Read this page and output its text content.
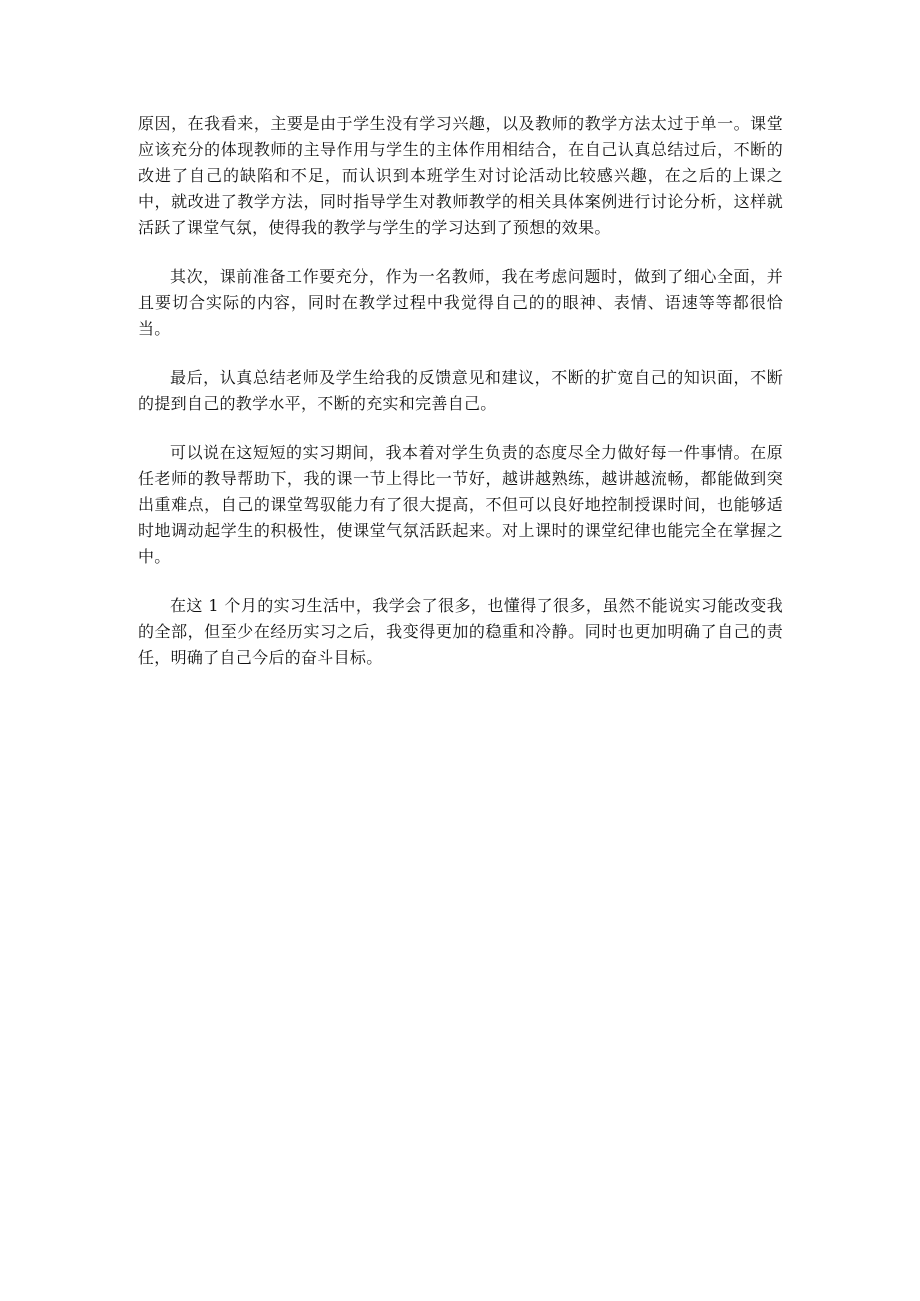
原因，在我看来，主要是由于学生没有学习兴趣，以及教师的教学方法太过于单一。课堂应该充分的体现教师的主导作用与学生的主体作用相结合，在自己认真总结过后，不断的改进了自己的缺陷和不足，而认识到本班学生对讨论活动比较感兴趣，在之后的上课之中，就改进了教学方法，同时指导学生对教师教学的相关具体案例进行讨论分析，这样就活跃了课堂气氛，使得我的教学与学生的学习达到了预想的效果。

其次，课前准备工作要充分，作为一名教师，我在考虑问题时，做到了细心全面，并且要切合实际的内容，同时在教学过程中我觉得自己的的眼神、表情、语速等等都很恰当。

最后，认真总结老师及学生给我的反馈意见和建议，不断的扩宽自己的知识面，不断的提到自己的教学水平，不断的充实和完善自己。

可以说在这短短的实习期间，我本着对学生负责的态度尽全力做好每一件事情。在原任老师的教导帮助下，我的课一节上得比一节好，越讲越熟练，越讲越流畅，都能做到突出重难点，自己的课堂驾驭能力有了很大提高，不但可以良好地控制授课时间，也能够适时地调动起学生的积极性，使课堂气氛活跃起来。对上课时的课堂纪律也能完全在掌握之中。

在这 1 个月的实习生活中，我学会了很多，也懂得了很多，虽然不能说实习能改变我的全部，但至少在经历实习之后，我变得更加的稳重和冷静。同时也更加明确了自己的责任，明确了自己今后的奋斗目标。
